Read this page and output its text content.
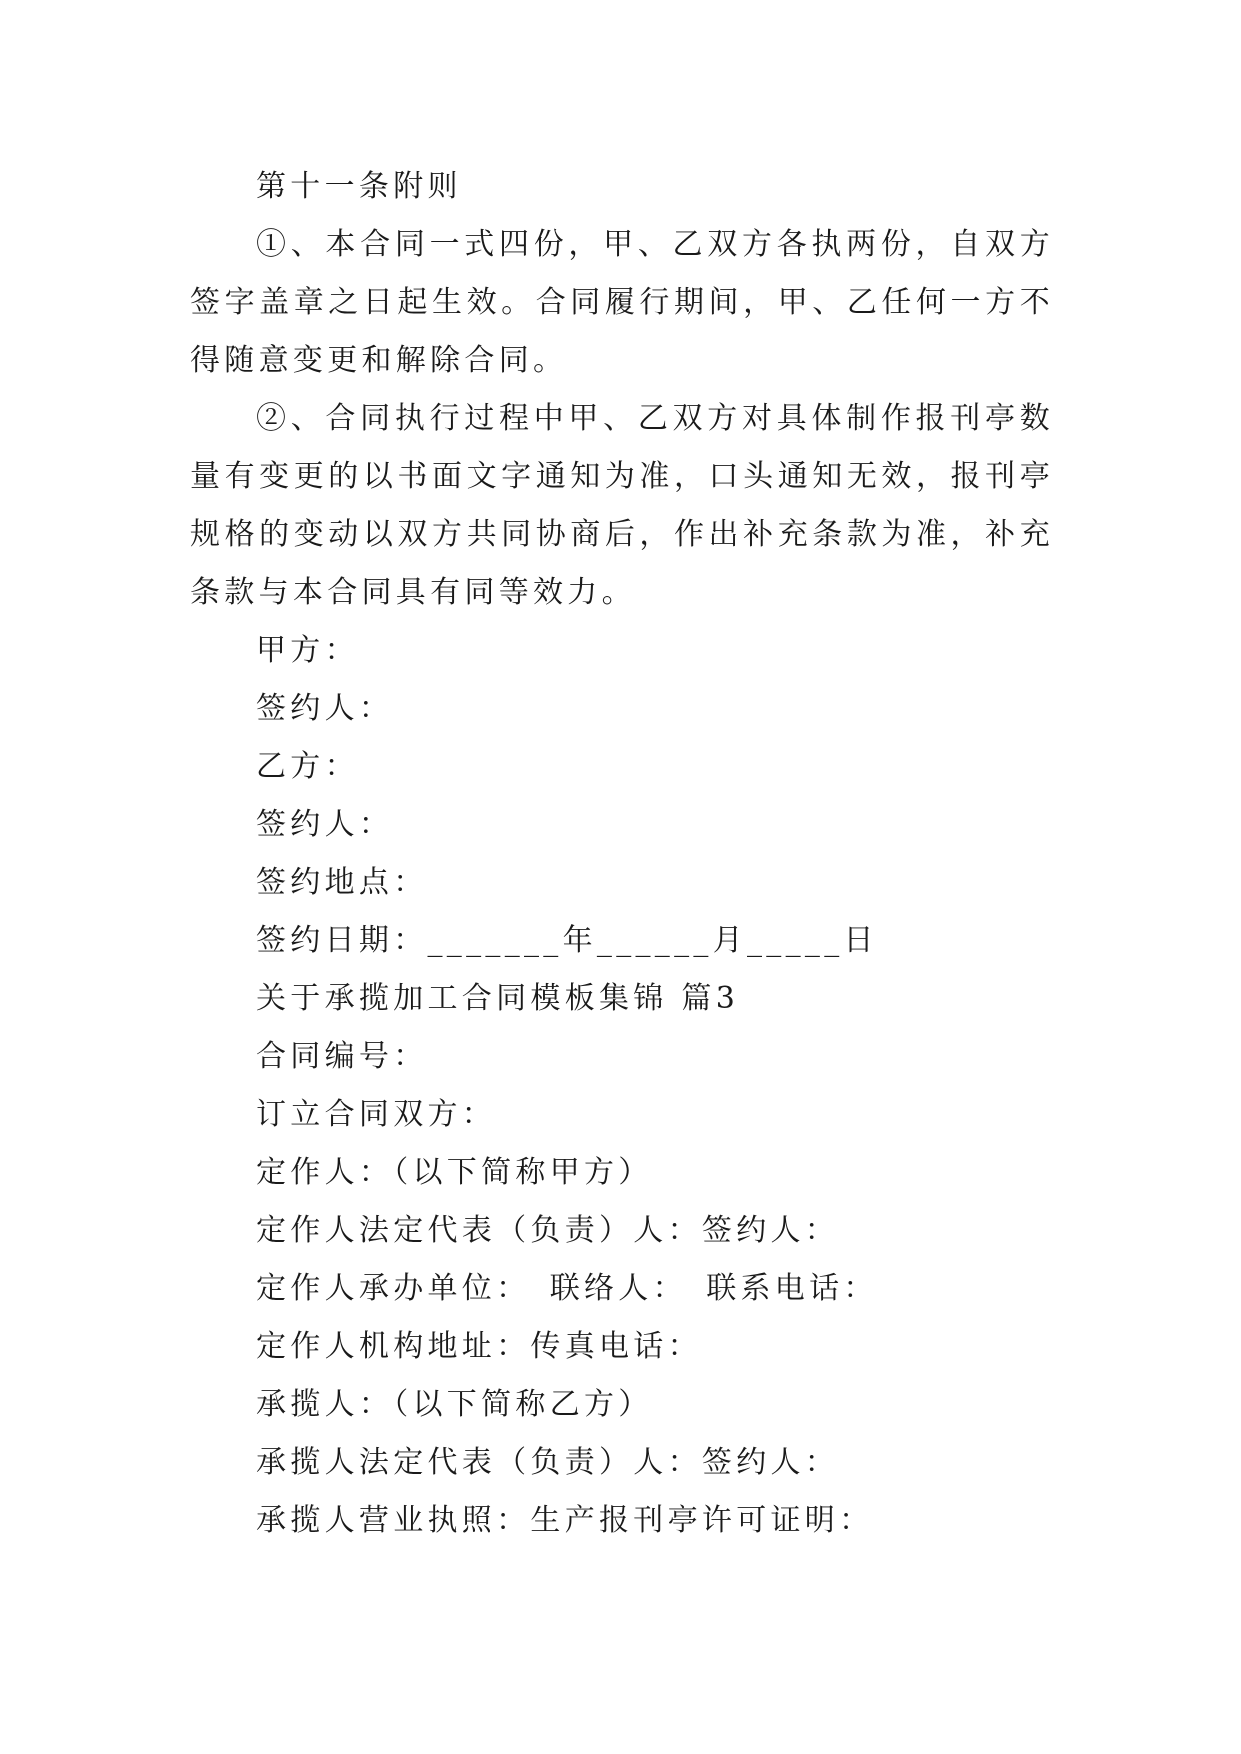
第十一条附则

①、本合同一式四份，甲、乙双方各执两份，自双方签字盖章之日起生效。合同履行期间，甲、乙任何一方不得随意变更和解除合同。

②、合同执行过程中甲、乙双方对具体制作报刊亭数量有变更的以书面文字通知为准，口头通知无效，报刊亭规格的变动以双方共同协商后，作出补充条款为准，补充条款与本合同具有同等效力。

甲方：

签约人：

乙方：

签约人：

签约地点：

签约日期：_______年______月_____日

关于承揽加工合同模板集锦 篇3

合同编号：

订立合同双方：

定作人：（以下简称甲方）

定作人法定代表（负责）人：签约人：

定作人承办单位：　联络人：　联系电话：

定作人机构地址：传真电话：

承揽人：（以下简称乙方）

承揽人法定代表（负责）人：签约人：

承揽人营业执照：生产报刊亭许可证明：
